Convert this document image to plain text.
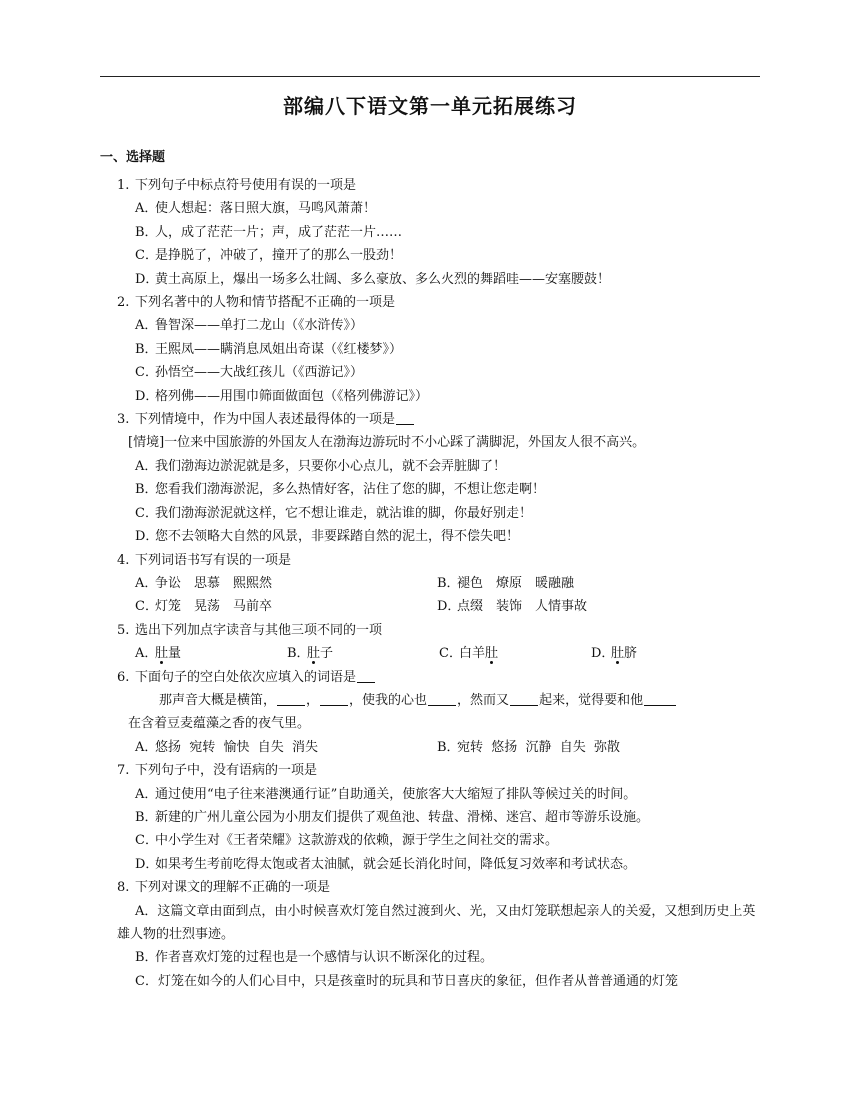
部编八下语文第一单元拓展练习
一、选择题

1. 下列句子中标点符号使用有误的一项是

A．使人想起：落日照大旗，马鸣风萧萧！

B．人，成了茫茫一片；声，成了茫茫一片……

C．是挣脱了，冲破了，撞开了的那么一股劲！

D．黄土高原上，爆出一场多么壮阔、多么豪放、多么火烈的舞蹈哇——安塞腰鼓！

2. 下列名著中的人物和情节搭配不正确的一项是

A．鲁智深——单打二龙山（《水浒传》）

B．王熙凤——瞒消息凤姐出奇谋（《红楼梦》）

C．孙悟空——大战红孩儿（《西游记》）

D．格列佛——用围巾筛面做面包（《格列佛游记》）

3. 下列情境中，作为中国人表述最得体的一项是

[情境]一位来中国旅游的外国友人在渤海边游玩时不小心踩了满脚泥，外国友人很不高兴。

A．我们渤海边淤泥就是多，只要你小心点儿，就不会弄脏脚了！

B．您看我们渤海淤泥，多么热情好客，沾住了您的脚，不想让您走啊！

C．我们渤海淤泥就这样，它不想让谁走，就沾谁的脚，你最好别走！

D．您不去领略大自然的风景，非要踩踏自然的泥土，得不偿失吧！

4. 下列词语书写有误的一项是

A．争讼　思慕　熙熙然	B．褪色　燎原　暖融融
C．灯笼　晃荡　马前卒	D．点缀　装饰　人情事故

5. 选出下列加点字读音与其他三项不同的一项

A．肚量	B．肚子	C．白羊肚	D．肚脐

6. 下面句子的空白处依次应填入的词语是

那声音大概是横笛， ， ，使我的心也 ，然而又 起来，觉得要和他

在含着豆麦蕴藻之香的夜气里。

A．悠扬  宛转  愉快  自失  消失	B．宛转  悠扬  沉静  自失  弥散

7. 下列句子中，没有语病的一项是

A．通过使用“电子往来港澳通行证”自助通关，使旅客大大缩短了排队等候过关的时间。

B．新建的广州儿童公园为小朋友们提供了观鱼池、转盘、滑梯、迷宫、超市等游乐设施。

C．中小学生对《王者荣耀》这款游戏的依赖，源于学生之间社交的需求。

D．如果考生考前吃得太饱或者太油腻，就会延长消化时间，降低复习效率和考试状态。

8. 下列对课文的理解不正确的一项是

A．这篇文章由面到点，由小时候喜欢灯笼自然过渡到火、光，又由灯笼联想起亲人的关爱，又想到历史上英雄人物的壮烈事迹。

B．作者喜欢灯笼的过程也是一个感情与认识不断深化的过程。

C．灯笼在如今的人们心目中，只是孩童时的玩具和节日喜庆的象征，但作者从普普通通的灯笼
